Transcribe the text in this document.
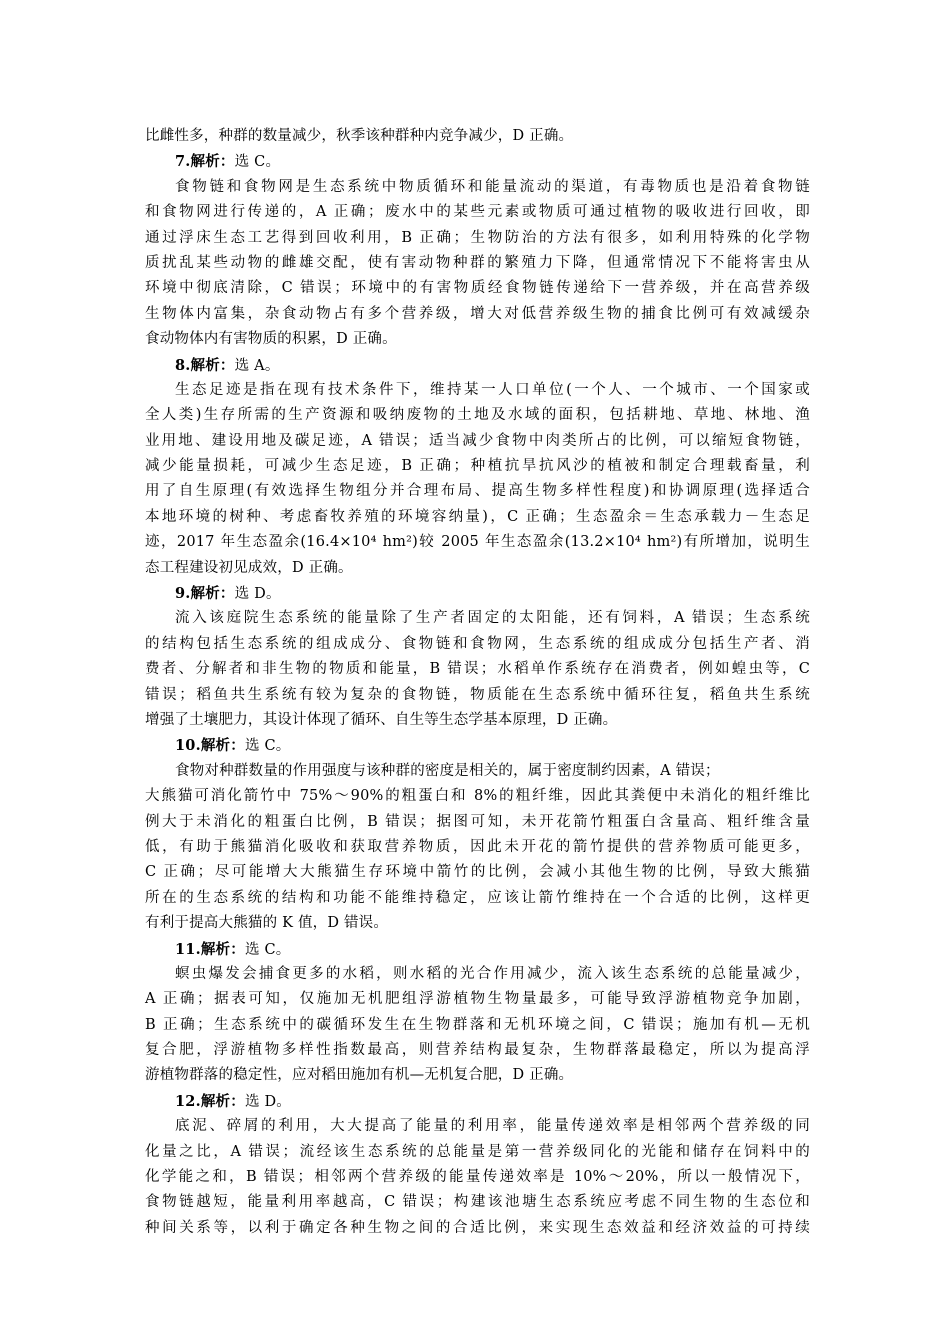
比雌性多，种群的数量减少，秋季该种群种内竞争减少，D 正确。
7.解析：选 C。
食物链和食物网是生态系统中物质循环和能量流动的渠道，有毒物质也是沿着食物链
和食物网进行传递的，A 正确；废水中的某些元素或物质可通过植物的吸收进行回收，即
通过浮床生态工艺得到回收利用，B 正确；生物防治的方法有很多，如利用特殊的化学物
质扰乱某些动物的雌雄交配，使有害动物种群的繁殖力下降，但通常情况下不能将害虫从
环境中彻底清除，C 错误；环境中的有害物质经食物链传递给下一营养级，并在高营养级
生物体内富集，杂食动物占有多个营养级，增大对低营养级生物的捕食比例可有效减缓杂
食动物体内有害物质的积累，D 正确。
8.解析：选 A。
生态足迹是指在现有技术条件下，维持某一人口单位(一个人、一个城市、一个国家或
全人类)生存所需的生产资源和吸纳废物的土地及水域的面积，包括耕地、草地、林地、渔
业用地、建设用地及碳足迹，A 错误；适当减少食物中肉类所占的比例，可以缩短食物链，
减少能量损耗，可减少生态足迹，B 正确；种植抗旱抗风沙的植被和制定合理载畜量，利
用了自生原理(有效选择生物组分并合理布局、提高生物多样性程度)和协调原理(选择适合
本地环境的树种、考虑畜牧养殖的环境容纳量)，C 正确；生态盈余＝生态承载力－生态足
迹，2017 年生态盈余(16.4×10⁴ hm²)较 2005 年生态盈余(13.2×10⁴ hm²)有所增加，说明生
态工程建设初见成效，D 正确。
9.解析：选 D。
流入该庭院生态系统的能量除了生产者固定的太阳能，还有饲料，A 错误；生态系统
的结构包括生态系统的组成成分、食物链和食物网，生态系统的组成成分包括生产者、消
费者、分解者和非生物的物质和能量，B 错误；水稻单作系统存在消费者，例如蝗虫等，C
错误；稻鱼共生系统有较为复杂的食物链，物质能在生态系统中循环往复，稻鱼共生系统
增强了土壤肥力，其设计体现了循环、自生等生态学基本原理，D 正确。
10.解析：选 C。
食物对种群数量的作用强度与该种群的密度是相关的，属于密度制约因素，A 错误；
大熊猫可消化箭竹中 75%～90%的粗蛋白和 8%的粗纤维，因此其粪便中未消化的粗纤维比
例大于未消化的粗蛋白比例，B 错误；据图可知，未开花箭竹粗蛋白含量高、粗纤维含量
低，有助于熊猫消化吸收和获取营养物质，因此未开花的箭竹提供的营养物质可能更多，
C 正确；尽可能增大大熊猫生存环境中箭竹的比例，会减小其他生物的比例，导致大熊猫
所在的生态系统的结构和功能不能维持稳定，应该让箭竹维持在一个合适的比例，这样更
有利于提高大熊猫的 K 值，D 错误。
11.解析：选 C。
螟虫爆发会捕食更多的水稻，则水稻的光合作用减少，流入该生态系统的总能量减少，
A 正确；据表可知，仅施加无机肥组浮游植物生物量最多，可能导致浮游植物竞争加剧，
B 正确；生态系统中的碳循环发生在生物群落和无机环境之间，C 错误；施加有机—无机
复合肥，浮游植物多样性指数最高，则营养结构最复杂，生物群落最稳定，所以为提高浮
游植物群落的稳定性，应对稻田施加有机—无机复合肥，D 正确。
12.解析：选 D。
底泥、碎屑的利用，大大提高了能量的利用率，能量传递效率是相邻两个营养级的同
化量之比，A 错误；流经该生态系统的总能量是第一营养级同化的光能和储存在饲料中的
化学能之和，B 错误；相邻两个营养级的能量传递效率是 10%～20%，所以一般情况下，
食物链越短，能量利用率越高，C 错误；构建该池塘生态系统应考虑不同生物的生态位和
种间关系等，以利于确定各种生物之间的合适比例，来实现生态效益和经济效益的可持续
